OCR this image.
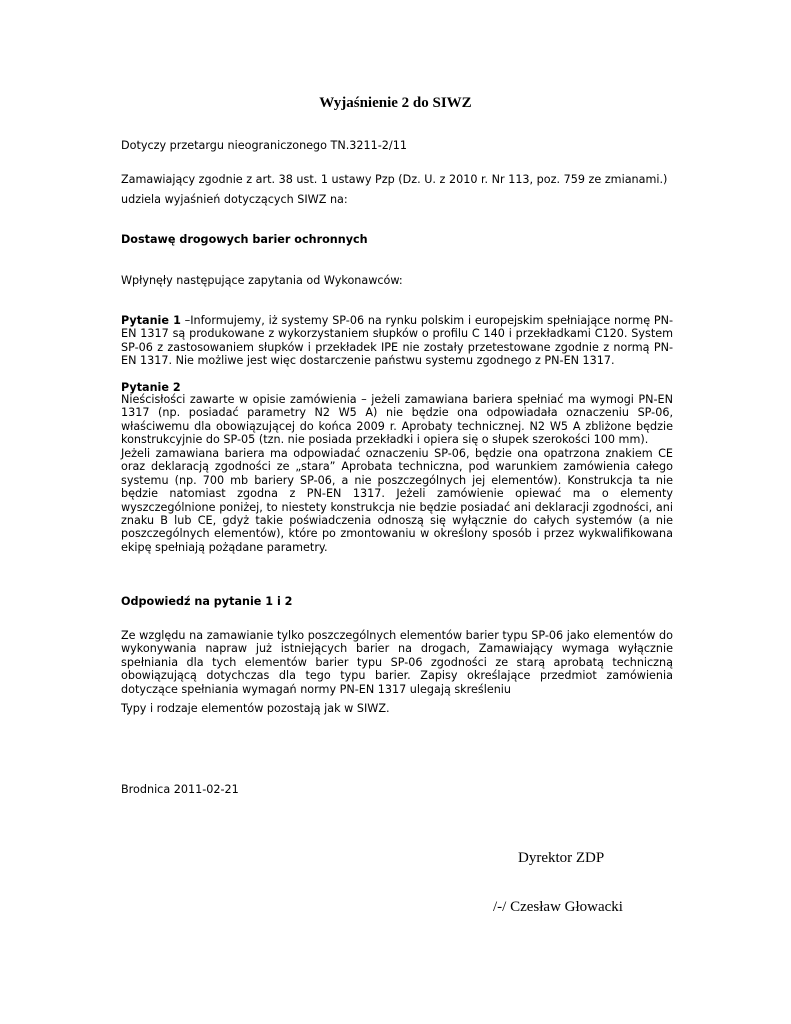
Wyjaśnienie 2 do SIWZ
Dotyczy przetargu nieograniczonego TN.3211-2/11
Zamawiający zgodnie z art. 38 ust. 1 ustawy Pzp (Dz. U. z 2010 r. Nr 113, poz. 759 ze zmianami.)
udziela wyjaśnień dotyczących SIWZ na:
Dostawę drogowych barier ochronnych
Wpłynęły następujące zapytania od Wykonawców:
Pytanie 1 –Informujemy, iż systemy SP-06 na rynku polskim i europejskim spełniające normę PN-EN 1317 są produkowane z wykorzystaniem słupków o profilu C 140 i przekładkami C120. System SP-06 z zastosowaniem słupków i przekładek IPE nie zostały przetestowane zgodnie z normą PN-EN 1317. Nie możliwe jest więc dostarczenie państwu systemu zgodnego z PN-EN 1317.
Pytanie 2
Nieścisłości zawarte w opisie zamówienia – jeżeli zamawiana bariera spełniać ma wymogi PN-EN 1317 (np. posiadać parametry N2 W5 A) nie będzie ona odpowiadała oznaczeniu SP-06, właściwemu dla obowiązującej do końca 2009 r. Aprobaty technicznej. N2 W5 A zbliżone będzie konstrukcyjnie do SP-05 (tzn. nie posiada przekładki i opiera się o słupek szerokości 100 mm).
Jeżeli zamawiana bariera ma odpowiadać oznaczeniu SP-06, będzie ona opatrzona znakiem CE oraz deklaracją zgodności ze „stara” Aprobata techniczna, pod warunkiem zamówienia całego systemu (np. 700 mb bariery SP-06, a nie poszczególnych jej elementów). Konstrukcja ta nie będzie natomiast zgodna z PN-EN 1317. Jeżeli zamówienie opiewać ma o elementy wyszczególnione poniżej, to niestety konstrukcja nie będzie posiadać ani deklaracji zgodności, ani znaku B lub CE, gdyż takie poświadczenia odnoszą się wyłącznie do całych systemów (a nie poszczególnych elementów), które po zmontowaniu w określony sposób i przez wykwalifikowana ekipę spełniają pożądane parametry.
Odpowiedź na pytanie 1 i 2
Ze względu na zamawianie tylko poszczególnych elementów barier typu SP-06 jako elementów do wykonywania napraw już istniejących barier na drogach, Zamawiający wymaga wyłącznie spełniania dla tych elementów barier typu SP-06 zgodności ze starą aprobatą techniczną obowiązującą dotychczas dla tego typu barier. Zapisy określające przedmiot zamówienia dotyczące spełniania wymagań normy PN-EN 1317 ulegają skreśleniu
Typy i rodzaje elementów pozostają jak w SIWZ.
Brodnica 2011-02-21
Dyrektor ZDP
/-/ Czesław Głowacki
